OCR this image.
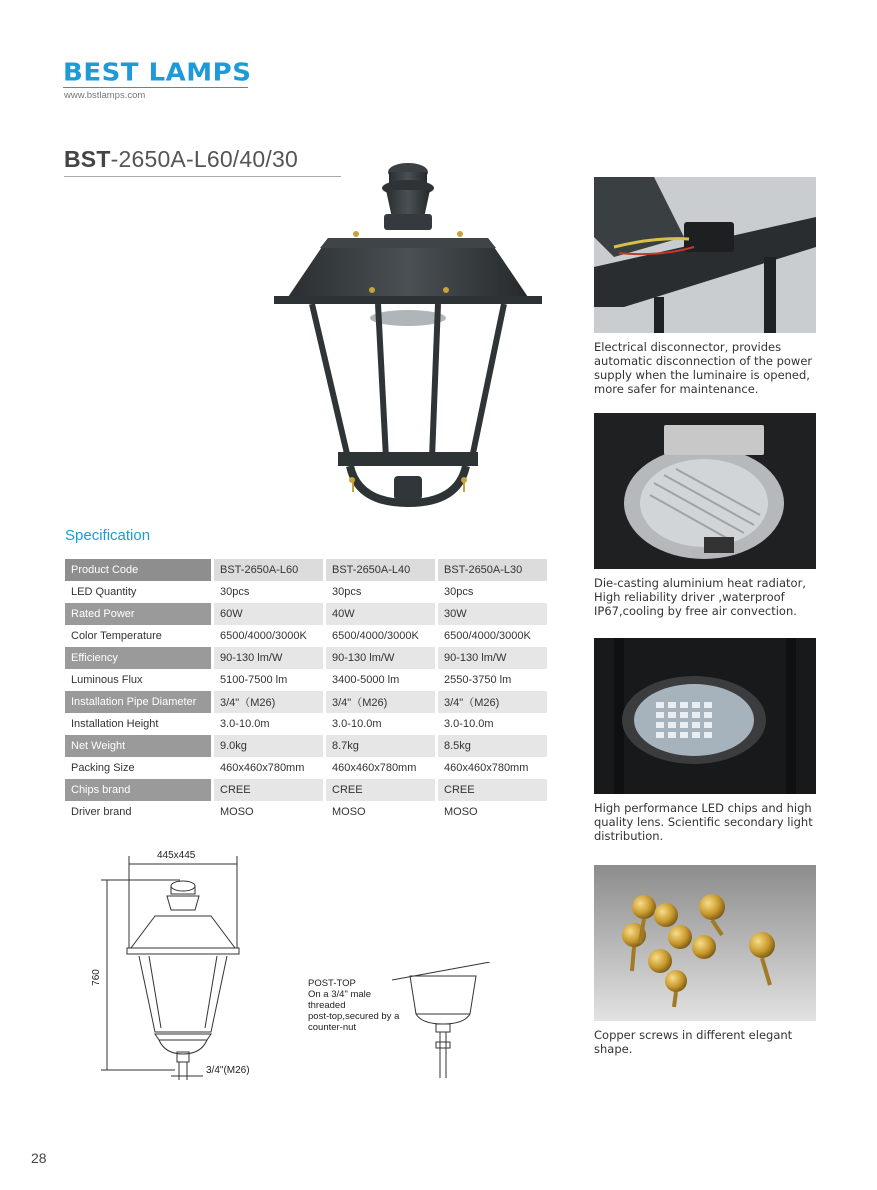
BEST LAMPS
www.bstlamps.com
BST-2650A-L60/40/30
Specification
Product Code	BST-2650A-L60	BST-2650A-L40	BST-2650A-L30
LED Quantity	30pcs	30pcs	30pcs
Rated Power	60W	40W	30W
Color Temperature	6500/4000/3000K	6500/4000/3000K	6500/4000/3000K
Efficiency	90-130 lm/W	90-130 lm/W	90-130 lm/W
Luminous Flux	5100-7500 lm	3400-5000 lm	2550-3750 lm
Installation Pipe Diameter	3/4"（M26)	3/4"（M26)	3/4"（M26)
Installation Height	3.0-10.0m	3.0-10.0m	3.0-10.0m
Net Weight	9.0kg	8.7kg	8.5kg
Packing Size	460x460x780mm	460x460x780mm	460x460x780mm
Chips brand	CREE	CREE	CREE
Driver brand	MOSO	MOSO	MOSO
445x445
760
3/4"(M26)
POST-TOP
On a 3/4" male
threaded
post-top,secured by a
counter-nut
Electrical disconnector, provides automatic disconnection of the power supply when the luminaire is opened, more safer for maintenance.
Die-casting aluminium heat radiator, High reliability driver ,waterproof IP67,cooling by free air convection.
High performance LED chips and high quality lens. Scientific secondary light distribution.
Copper screws in different elegant shape.
28
